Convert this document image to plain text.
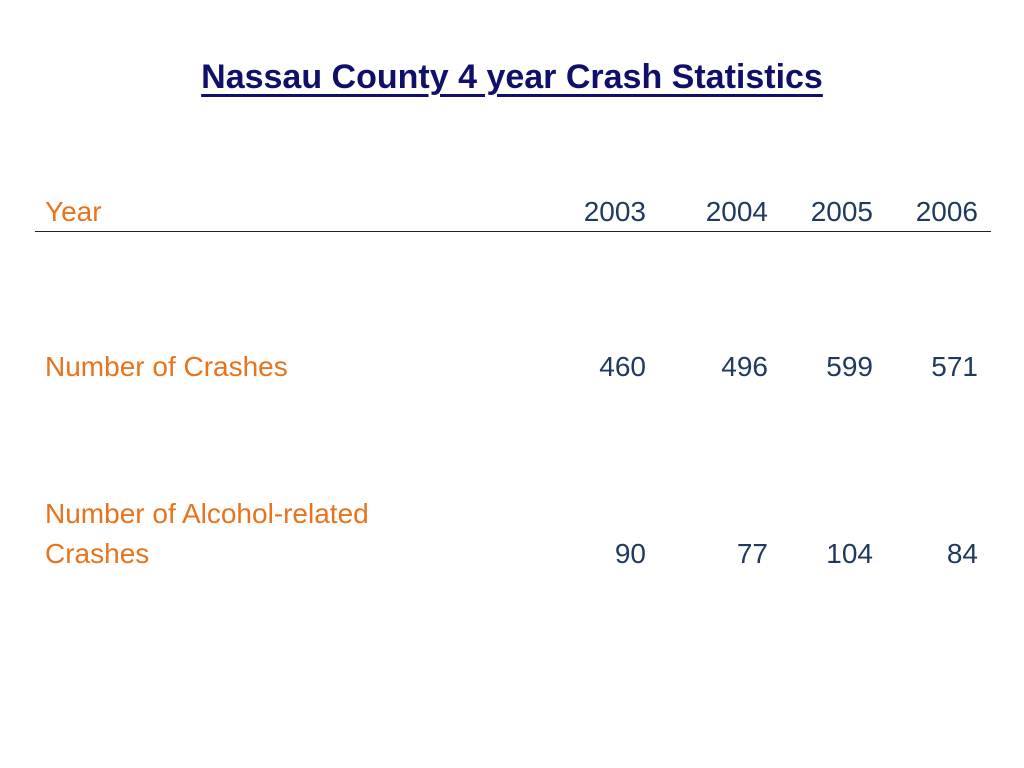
Nassau County 4 year Crash Statistics
Year	2003	2004	2005	2006
Number of Crashes	460	496	599	571
Number of Alcohol-related
Crashes	90	77	104	84
